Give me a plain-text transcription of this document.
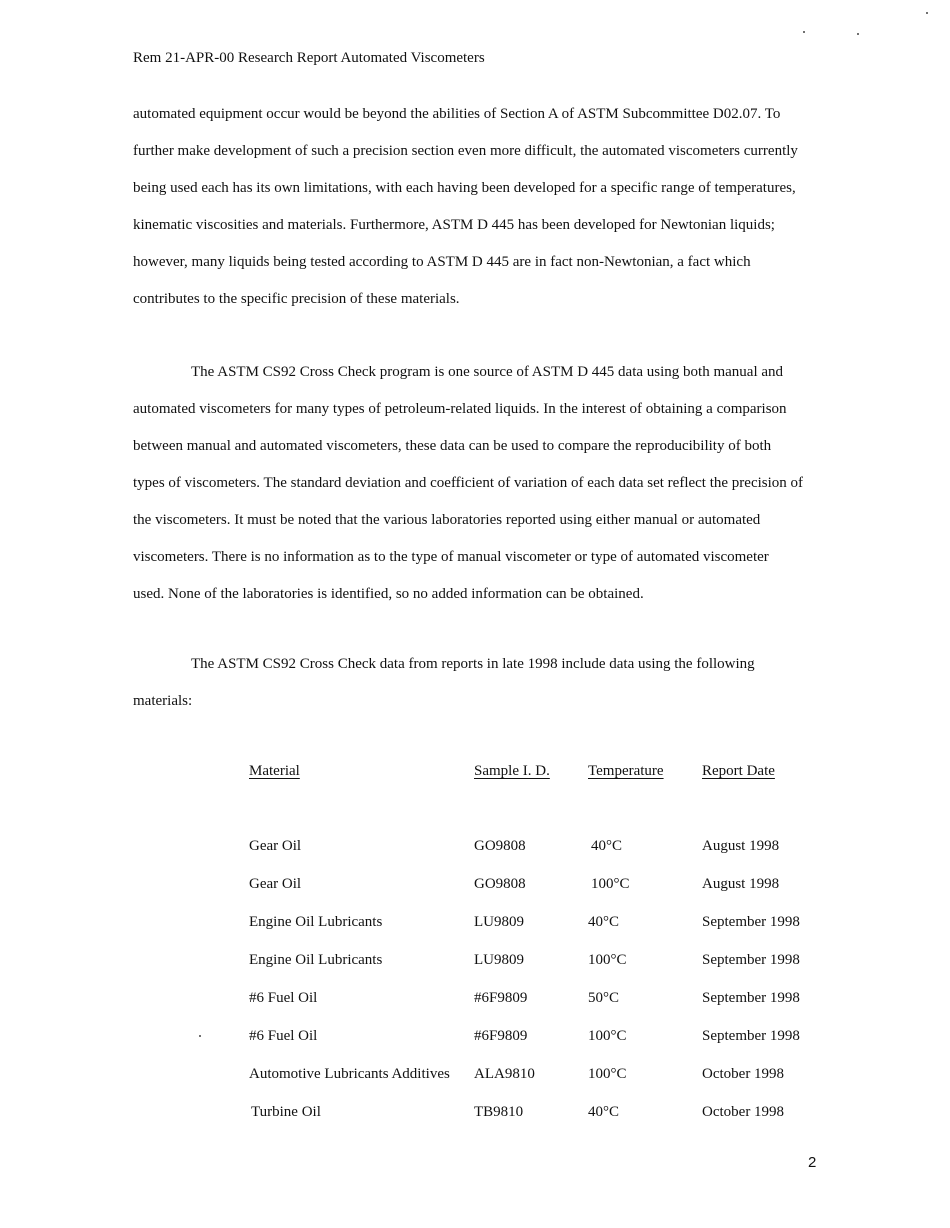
Rem 21-APR-00 Research Report Automated Viscometers
automated equipment occur would be beyond the abilities of Section A of ASTM Subcommittee D02.07. To
further make development of such a precision section even more difficult, the automated viscometers currently
being used each has its own limitations, with each having been developed for a specific range of temperatures,
kinematic viscosities and materials. Furthermore, ASTM D 445 has been developed for Newtonian liquids;
however, many liquids being tested according to ASTM D 445 are in fact non-Newtonian, a fact which
contributes to the specific precision of these materials.
The ASTM CS92 Cross Check program is one source of ASTM D 445 data using both manual and
automated viscometers for many types of petroleum-related liquids. In the interest of obtaining a comparison
between manual and automated viscometers, these data can be used to compare the reproducibility of both
types of viscometers. The standard deviation and coefficient of variation of each data set reflect the precision of
the viscometers. It must be noted that the various laboratories reported using either manual or automated
viscometers. There is no information as to the type of manual viscometer or type of automated viscometer
used. None of the laboratories is identified, so no added information can be obtained.
The ASTM CS92 Cross Check data from reports in late 1998 include data using the following
materials:
Material	Sample I. D.	Temperature	Report Date
Gear Oil	GO9808	40°C	August 1998
Gear Oil	GO9808	100°C	August 1998
Engine Oil Lubricants	LU9809	40°C	September 1998
Engine Oil Lubricants	LU9809	100°C	September 1998
#6 Fuel Oil	#6F9809	50°C	September 1998
#6 Fuel Oil	#6F9809	100°C	September 1998
Automotive Lubricants Additives ALA9810	100°C	October 1998
Turbine Oil	TB9810	40°C	October 1998
2
